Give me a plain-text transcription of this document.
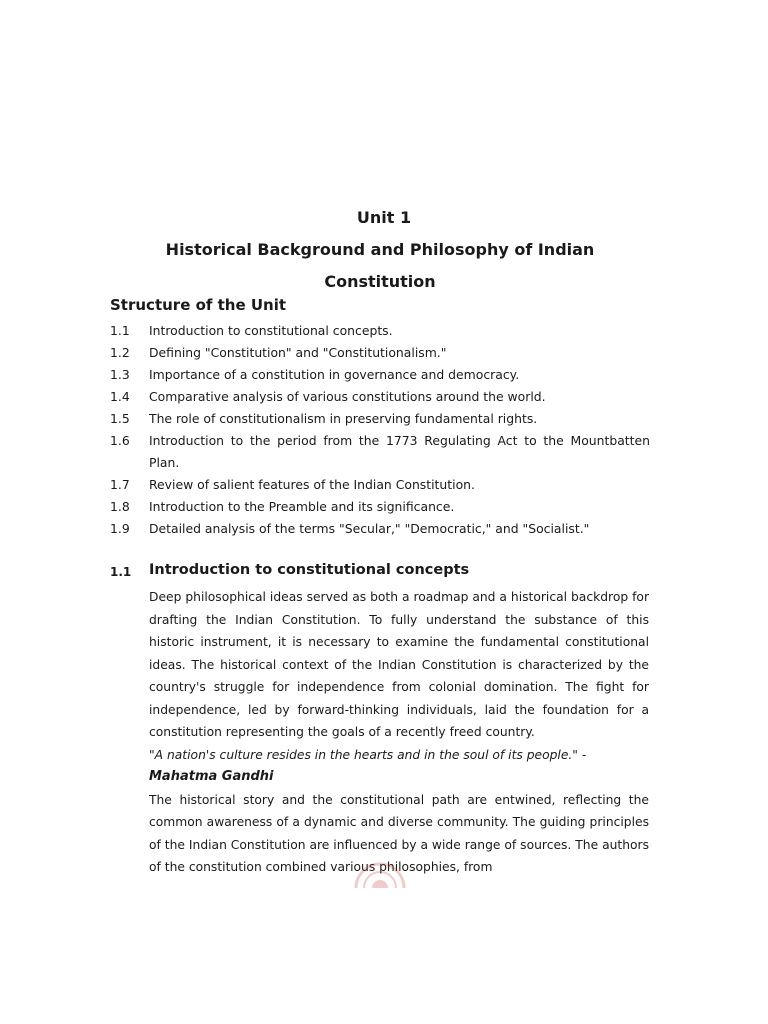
Unit 1
Historical Background and Philosophy of Indian Constitution
Structure of the Unit
1.1	Introduction to constitutional concepts.
1.2	Defining "Constitution" and "Constitutionalism."
1.3	Importance of a constitution in governance and democracy.
1.4	Comparative analysis of various constitutions around the world.
1.5	The role of constitutionalism in preserving fundamental rights.
1.6	Introduction to the period from the 1773 Regulating Act to the Mountbatten Plan.
1.7	Review of salient features of the Indian Constitution.
1.8	Introduction to the Preamble and its significance.
1.9	Detailed analysis of the terms "Secular," "Democratic," and "Socialist."
1.1	Introduction to constitutional concepts

Deep philosophical ideas served as both a roadmap and a historical backdrop for drafting the Indian Constitution. To fully understand the substance of this historic instrument, it is necessary to examine the fundamental constitutional ideas. The historical context of the Indian Constitution is characterized by the country's struggle for independence from colonial domination. The fight for independence, led by forward-thinking individuals, laid the foundation for a constitution representing the goals of a recently freed country.

"A nation's culture resides in the hearts and in the soul of its people." -

Mahatma Gandhi

The historical story and the constitutional path are entwined, reflecting the common awareness of a dynamic and diverse community. The guiding principles of the Indian Constitution are influenced by a wide range of sources. The authors of the constitution combined various philosophies, from
